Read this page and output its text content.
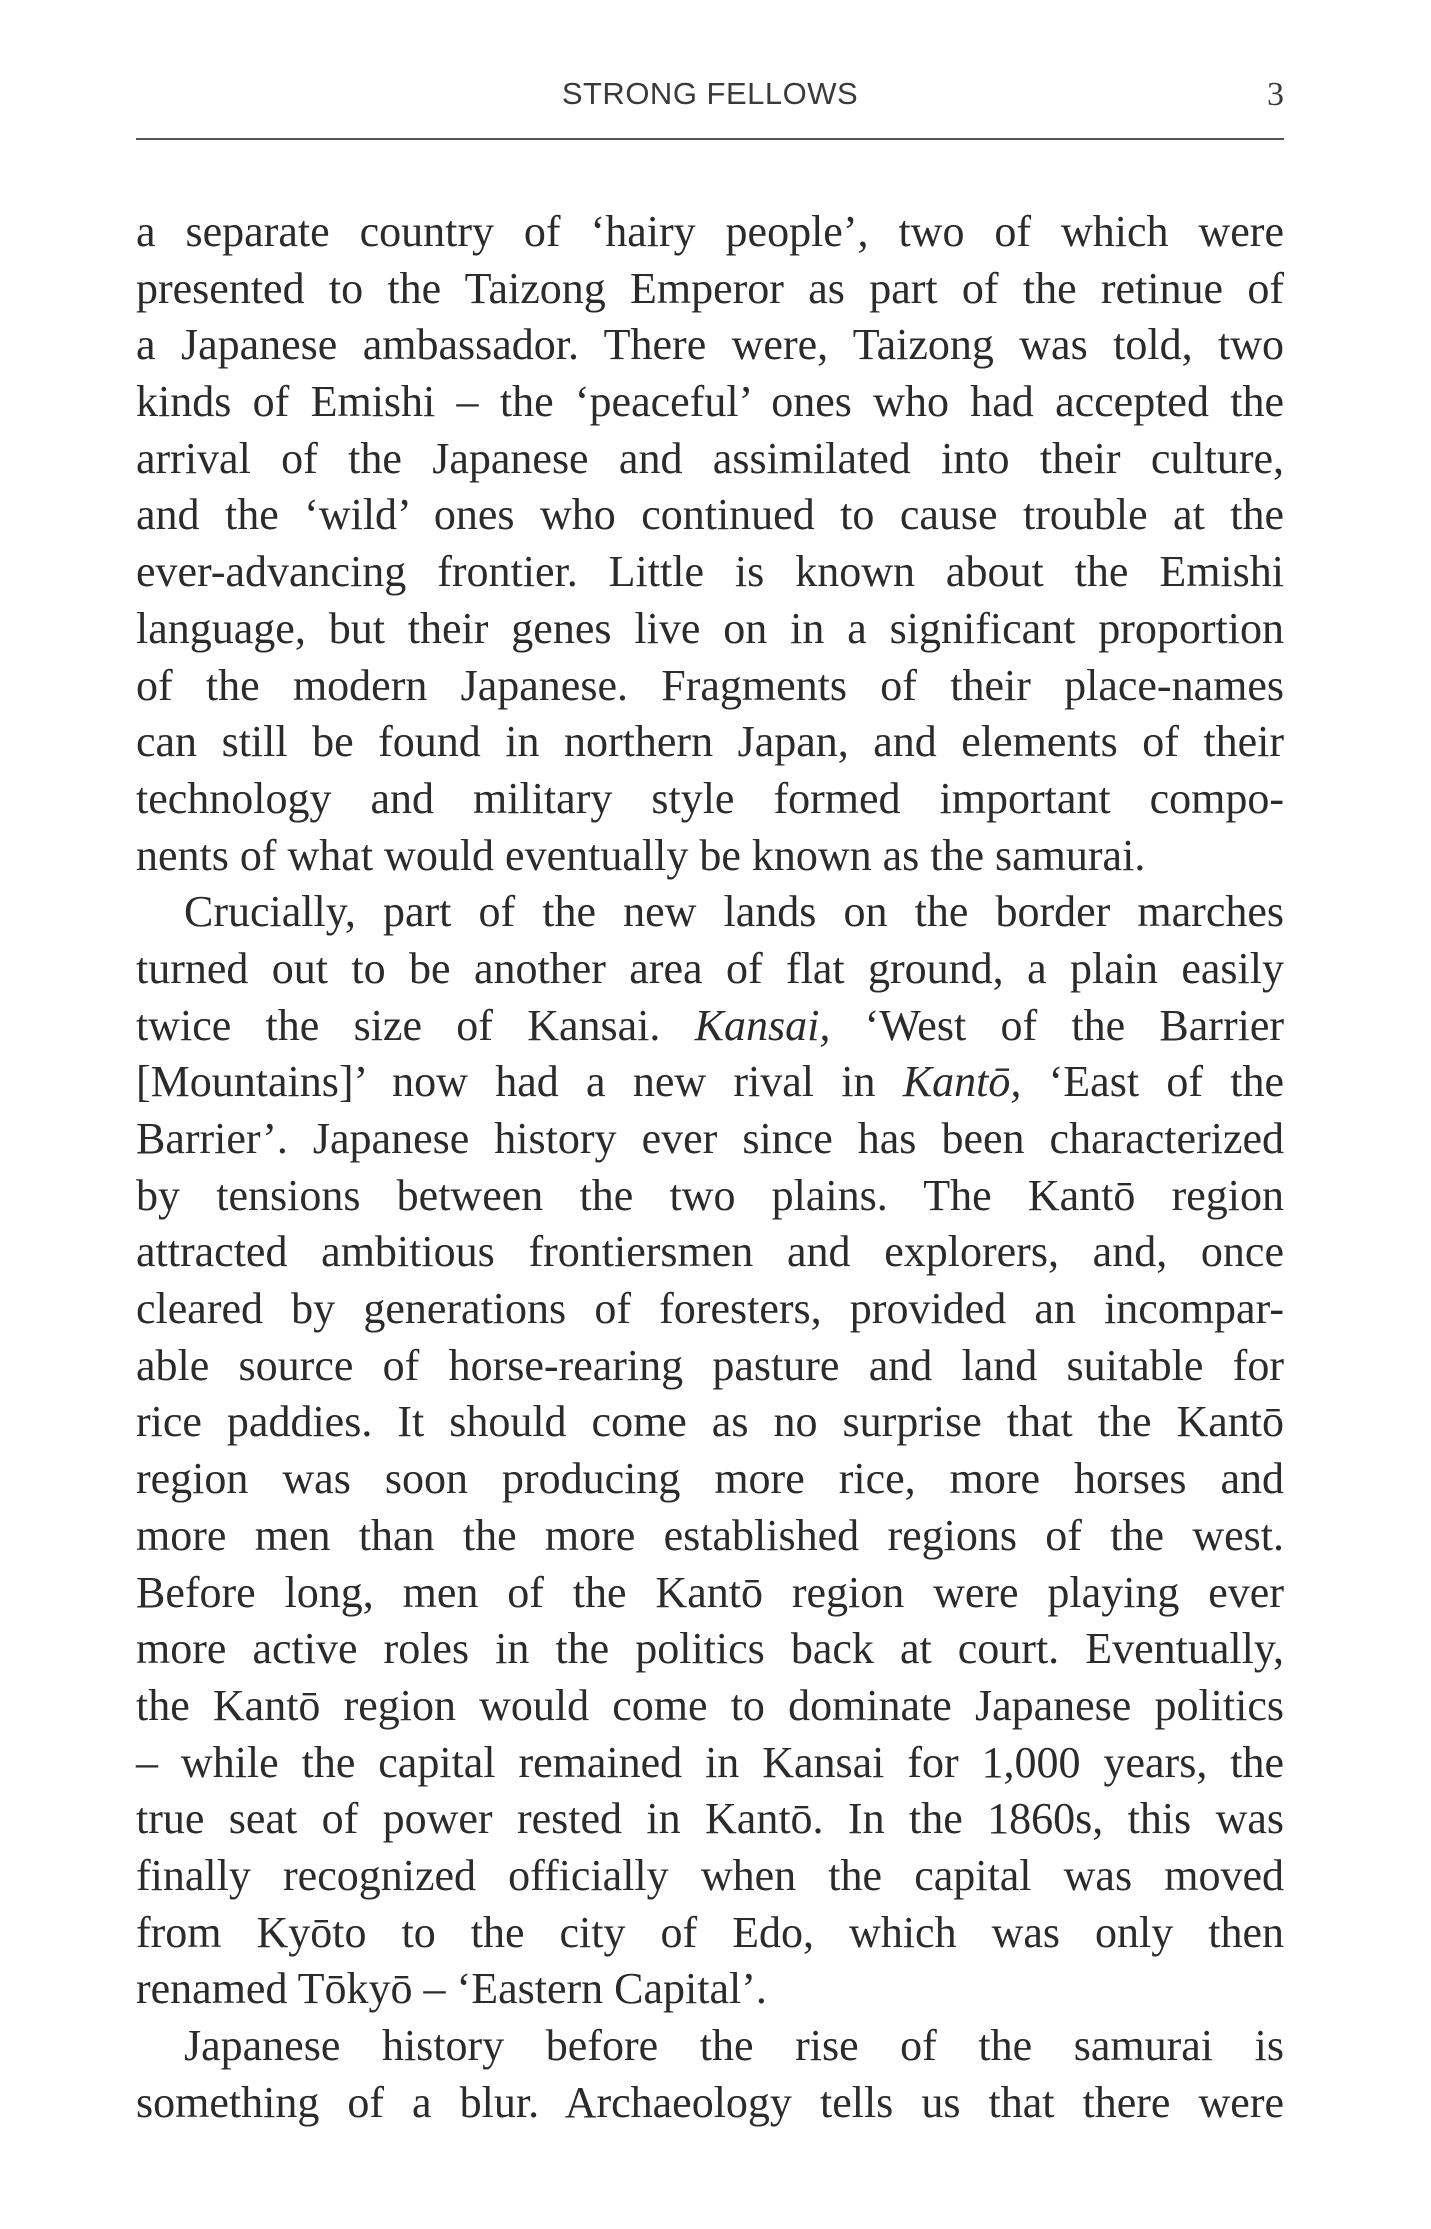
STRONG FELLOWS	3
a separate country of ‘hairy people’, two of which were
presented to the Taizong Emperor as part of the retinue of
a Japanese ambassador. There were, Taizong was told, two
kinds of Emishi – the ‘peaceful’ ones who had accepted the
arrival of the Japanese and assimilated into their culture,
and the ‘wild’ ones who continued to cause trouble at the
ever-advancing frontier. Little is known about the Emishi
language, but their genes live on in a significant proportion
of the modern Japanese. Fragments of their place-names
can still be found in northern Japan, and elements of their
technology and military style formed important compo-
nents of what would eventually be known as the samurai.
Crucially, part of the new lands on the border marches
turned out to be another area of flat ground, a plain easily
twice the size of Kansai. Kansai, ‘West of the Barrier
[Mountains]’ now had a new rival in Kantō, ‘East of the
Barrier’. Japanese history ever since has been characterized
by tensions between the two plains. The Kantō region
attracted ambitious frontiersmen and explorers, and, once
cleared by generations of foresters, provided an incompar-
able source of horse-rearing pasture and land suitable for
rice paddies. It should come as no surprise that the Kantō
region was soon producing more rice, more horses and
more men than the more established regions of the west.
Before long, men of the Kantō region were playing ever
more active roles in the politics back at court. Eventually,
the Kantō region would come to dominate Japanese politics
– while the capital remained in Kansai for 1,000 years, the
true seat of power rested in Kantō. In the 1860s, this was
finally recognized officially when the capital was moved
from Kyōto to the city of Edo, which was only then
renamed Tōkyō – ‘Eastern Capital’.
Japanese history before the rise of the samurai is
something of a blur. Archaeology tells us that there were
